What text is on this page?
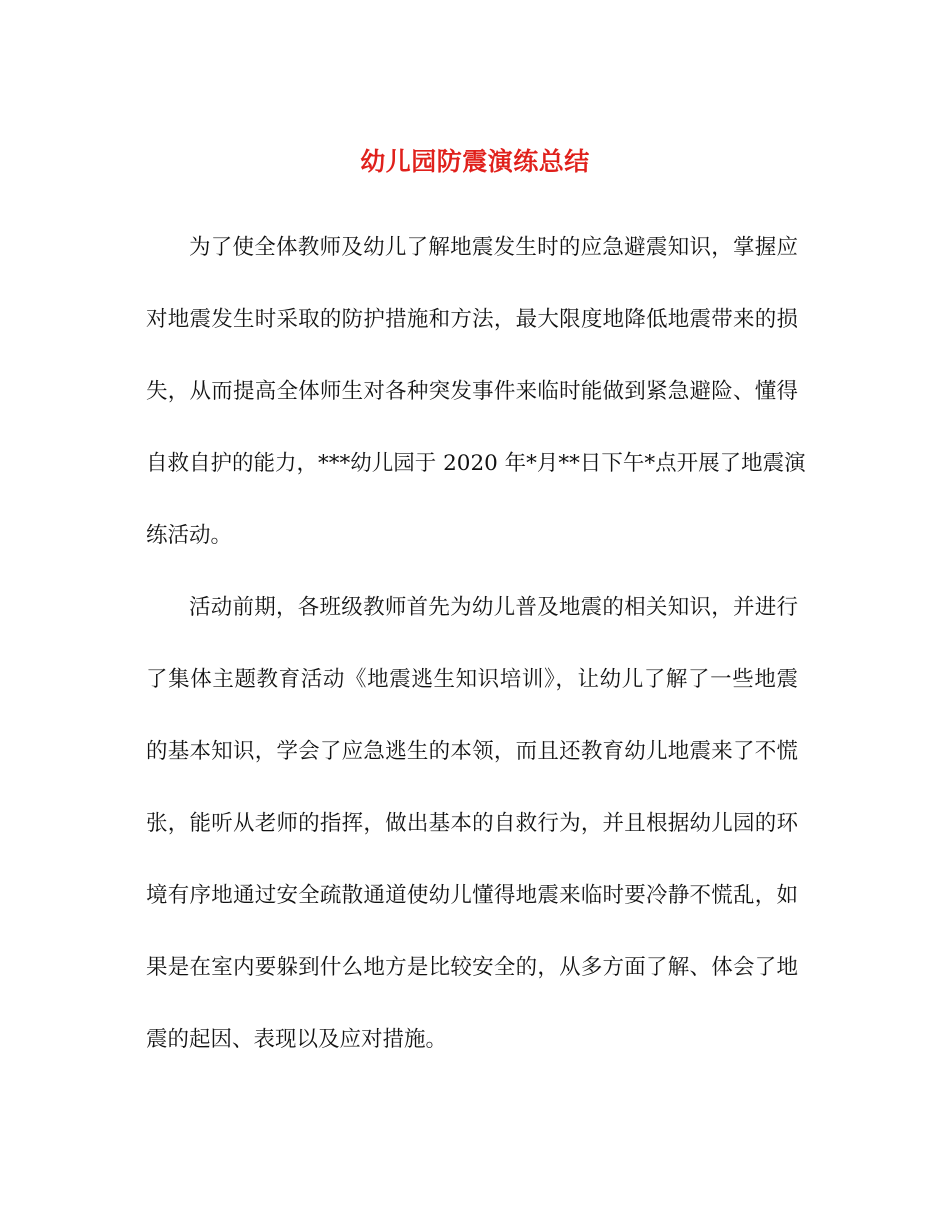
幼儿园防震演练总结
为了使全体教师及幼儿了解地震发生时的应急避震知识，掌握应
对地震发生时采取的防护措施和方法，最大限度地降低地震带来的损
失，从而提高全体师生对各种突发事件来临时能做到紧急避险、懂得
自救自护的能力，***幼儿园于 2020 年*月**日下午*点开展了地震演
练活动。
活动前期，各班级教师首先为幼儿普及地震的相关知识，并进行
了集体主题教育活动《地震逃生知识培训》，让幼儿了解了一些地震
的基本知识，学会了应急逃生的本领，而且还教育幼儿地震来了不慌
张，能听从老师的指挥，做出基本的自救行为，并且根据幼儿园的环
境有序地通过安全疏散通道使幼儿懂得地震来临时要冷静不慌乱，如
果是在室内要躲到什么地方是比较安全的，从多方面了解、体会了地
震的起因、表现以及应对措施。
